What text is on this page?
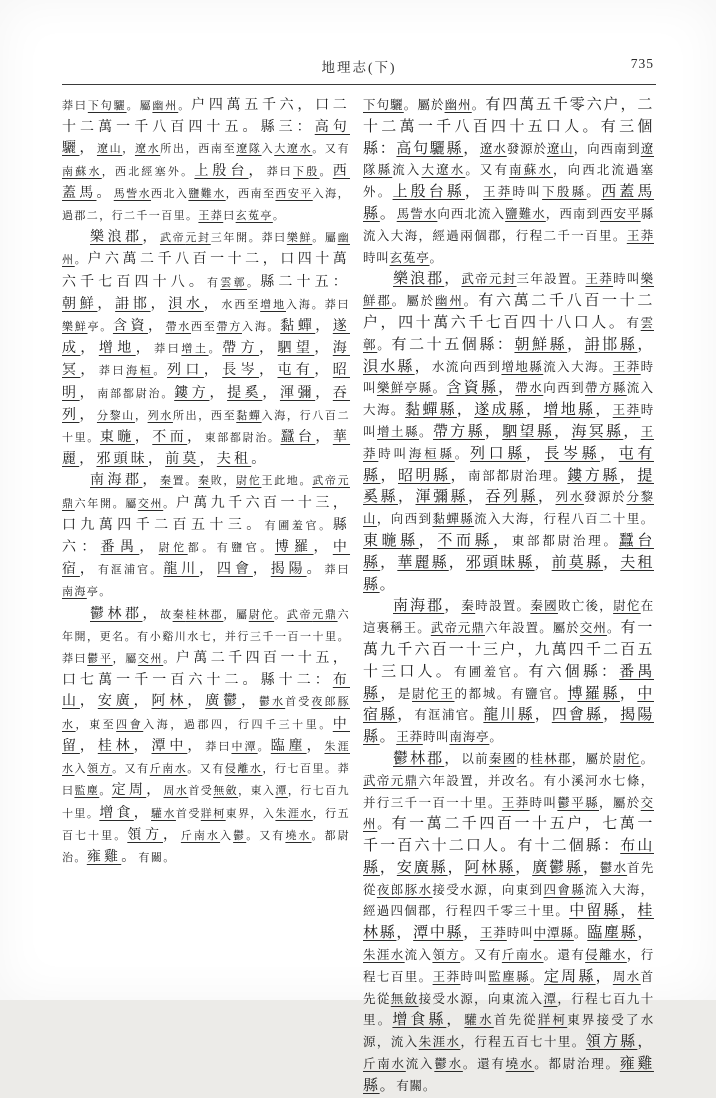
地理志(下)	735

莽曰下句驪。屬幽州。户四萬五千六，口二十二萬一千八百四十五。縣三：高句驪，遼山，遼水所出，西南至遼隊入大遼水。又有南蘇水，西北經塞外。上殷台，莽曰下殷。西蓋馬。馬訾水西北入鹽難水，西南至西安平入海，過郡二，行二千一百里。王莽曰玄菟亭。

樂浪郡，武帝元封三年開。莽曰樂鮮。屬幽州。户六萬二千八百一十二，口四十萬六千七百四十八。有雲鄣。縣二十五：朝鮮，䛁邯，浿水，水西至增地入海。莽曰樂鮮亭。含資，帶水西至帶方入海。黏蟬，遂成，增地，莽曰增土。帶方，駟望，海冥，莽曰海桓。列口，長岑，屯有，昭明，南部都尉治。鏤方，提奚，渾彌，吞列，分黎山，列水所出，西至黏蟬入海，行八百二十里。東暆，不而，東部都尉治。蠶台，華麗，邪頭昧，前莫，夫租。

南海郡，秦置。秦敗，尉佗王此地。武帝元鼎六年開。屬交州。户萬九千六百一十三，口九萬四千二百五十三。有圃羞官。縣六：番禺，尉佗都。有鹽官。博羅，中宿，有洭浦官。龍川，四會，揭陽。莽曰南海亭。

鬱林郡，故秦桂林郡，屬尉佗。武帝元鼎六年開，更名。有小谿川水七，并行三千一百一十里。莽曰鬱平，屬交州。户萬二千四百一十五，口七萬一千一百六十二。縣十二：布山，安廣，阿林，廣鬱，鬱水首受夜郎豚水，東至四會入海，過郡四，行四千三十里。中留，桂林，潭中，莽曰中潭。臨塵，朱涯水入領方。又有斤南水。又有侵離水，行七百里。莽曰監塵。定周，周水首受無斂，東入潭，行七百九十里。增食，驩水首受牂柯東界，入朱涯水，行五百七十里。領方，斤南水入鬱。又有墝水。都尉治。雍雞。有關。

下句驪。屬於幽州。有四萬五千零六户，二十二萬一千八百四十五口人。有三個縣：高句驪縣，遼水發源於遼山，向西南到遼隊縣流入大遼水。又有南蘇水，向西北流過塞外。上殷台縣，王莽時叫下殷縣。西蓋馬縣。馬訾水向西北流入鹽難水，西南到西安平縣流入大海，經過兩個郡，行程二千一百里。王莽時叫玄菟亭。

樂浪郡，武帝元封三年設置。王莽時叫樂鮮郡。屬於幽州。有六萬二千八百一十二户，四十萬六千七百四十八口人。有雲鄣。有二十五個縣：朝鮮縣，䛁邯縣，浿水縣，水流向西到增地縣流入大海。王莽時叫樂鮮亭縣。含資縣，帶水向西到帶方縣流入大海。黏蟬縣，遂成縣，增地縣，王莽時叫增土縣。帶方縣，駟望縣，海冥縣，王莽時叫海桓縣。列口縣，長岑縣，屯有縣，昭明縣，南部都尉治理。鏤方縣，提奚縣，渾彌縣，吞列縣，列水發源於分黎山，向西到黏蟬縣流入大海，行程八百二十里。東暆縣，不而縣，東部都尉治理。蠶台縣，華麗縣，邪頭昧縣，前莫縣，夫租縣。

南海郡，秦時設置。秦國敗亡後，尉佗在這裏稱王。武帝元鼎六年設置。屬於交州。有一萬九千六百一十三户，九萬四千二百五十三口人。有圃羞官。有六個縣：番禺縣，是尉佗王的都城。有鹽官。博羅縣，中宿縣，有洭浦官。龍川縣，四會縣，揭陽縣。王莽時叫南海亭。

鬱林郡，以前秦國的桂林郡，屬於尉佗。武帝元鼎六年設置，并改名。有小溪河水七條，并行三千一百一十里。王莽時叫鬱平縣，屬於交州。有一萬二千四百一十五户，七萬一千一百六十二口人。有十二個縣：布山縣，安廣縣，阿林縣，廣鬱縣，鬱水首先從夜郎豚水接受水源，向東到四會縣流入大海，經過四個郡，行程四千零三十里。中留縣，桂林縣，潭中縣，王莽時叫中潭縣。臨塵縣，朱涯水流入領方。又有斤南水。還有侵離水，行程七百里。王莽時叫監塵縣。定周縣，周水首先從無斂接受水源，向東流入潭，行程七百九十里。增食縣，驩水首先從牂柯東界接受了水源，流入朱涯水，行程五百七十里。領方縣，斤南水流入鬱水。還有墝水。都尉治理。雍雞縣。有關。
